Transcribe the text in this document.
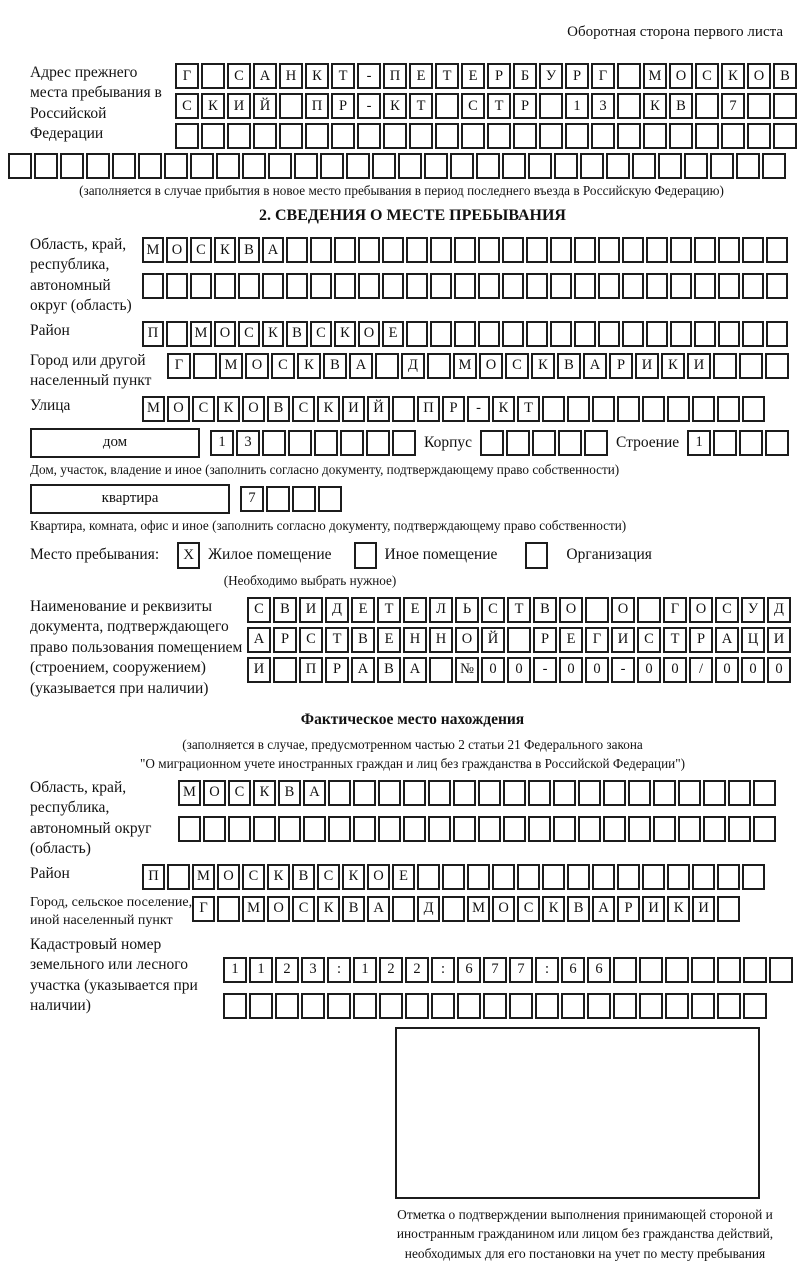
Оборотная сторона первого листа
Адрес прежнего места пребывания в Российской Федерации
Г	С	А	Н	К	Т	-	П	Е	Т	Е	Р	Б	У	Р	Г	М О	С	К	О	В
С	К	И	Й	П	Р	-	К	Т	С	Т	Р	1	3	К	В	7
(заполняется в случае прибытия в новое место пребывания в период последнего въезда в Российскую Федерацию)
2. СВЕДЕНИЯ О МЕСТЕ ПРЕБЫВАНИЯ
Область, край, республика, автономный округ (область)
М О С К В А
Район	П	М О С К В С К О Е
Город или другой населенный пункт
Г	М О	С	К	В	А	Д	М О	С	К	В	А	Р	И	К	И
Улица	М О	С	К	О	В	С	К	И	Й	П	Р	-	К	Т
дом	1	3	Корпус	Строение	1
Дом, участок, владение и иное (заполнить согласно документу, подтверждающему право собственности)
квартира	7
Квартира, комната, офис и иное (заполнить согласно документу, подтверждающему право собственности)
Место пребывания:	X Жилое помещение	Иное помещение	Организация
(Необходимо выбрать нужное)
Наименование и реквизиты документа, подтверждающего право пользования помещением (строением, сооружением) (указывается при наличии)
С	В	И	Д	Е	Т	Е	Л	Ь	С	Т	В	О	О	Г	О	С	У	Д
А	Р	С	Т	В	Е	Н	Н	О	Й	Р	Е	Г	И	С	Т	Р	А	Ц	И
И	П	Р	А	В	А	№	0	0	-	0	0	-	0	0	/	0	0	0
Фактическое место нахождения
(заполняется в случае, предусмотренном частью 2 статьи 21 Федерального закона
"О миграционном учете иностранных граждан и лиц без гражданства в Российской Федерации")
Область, край, республика, автономный округ (область)
М О	С	К	В	А
Район	П	М О	С	К	В	С	К	О	Е
Город, сельское поселение,
иной населенный пункт
Г	М О	С	К	В	А	Д	М О	С	К	В	А	Р	И	К	И
Кадастровый номер земельного или лесного участка (указывается при наличии)
1	1	2	3	:	1	2	2	:	6	7	7	:	6	6
Отметка о подтверждении выполнения принимающей стороной и иностранным гражданином или лицом без гражданства действий, необходимых для его постановки на учет по месту пребывания
